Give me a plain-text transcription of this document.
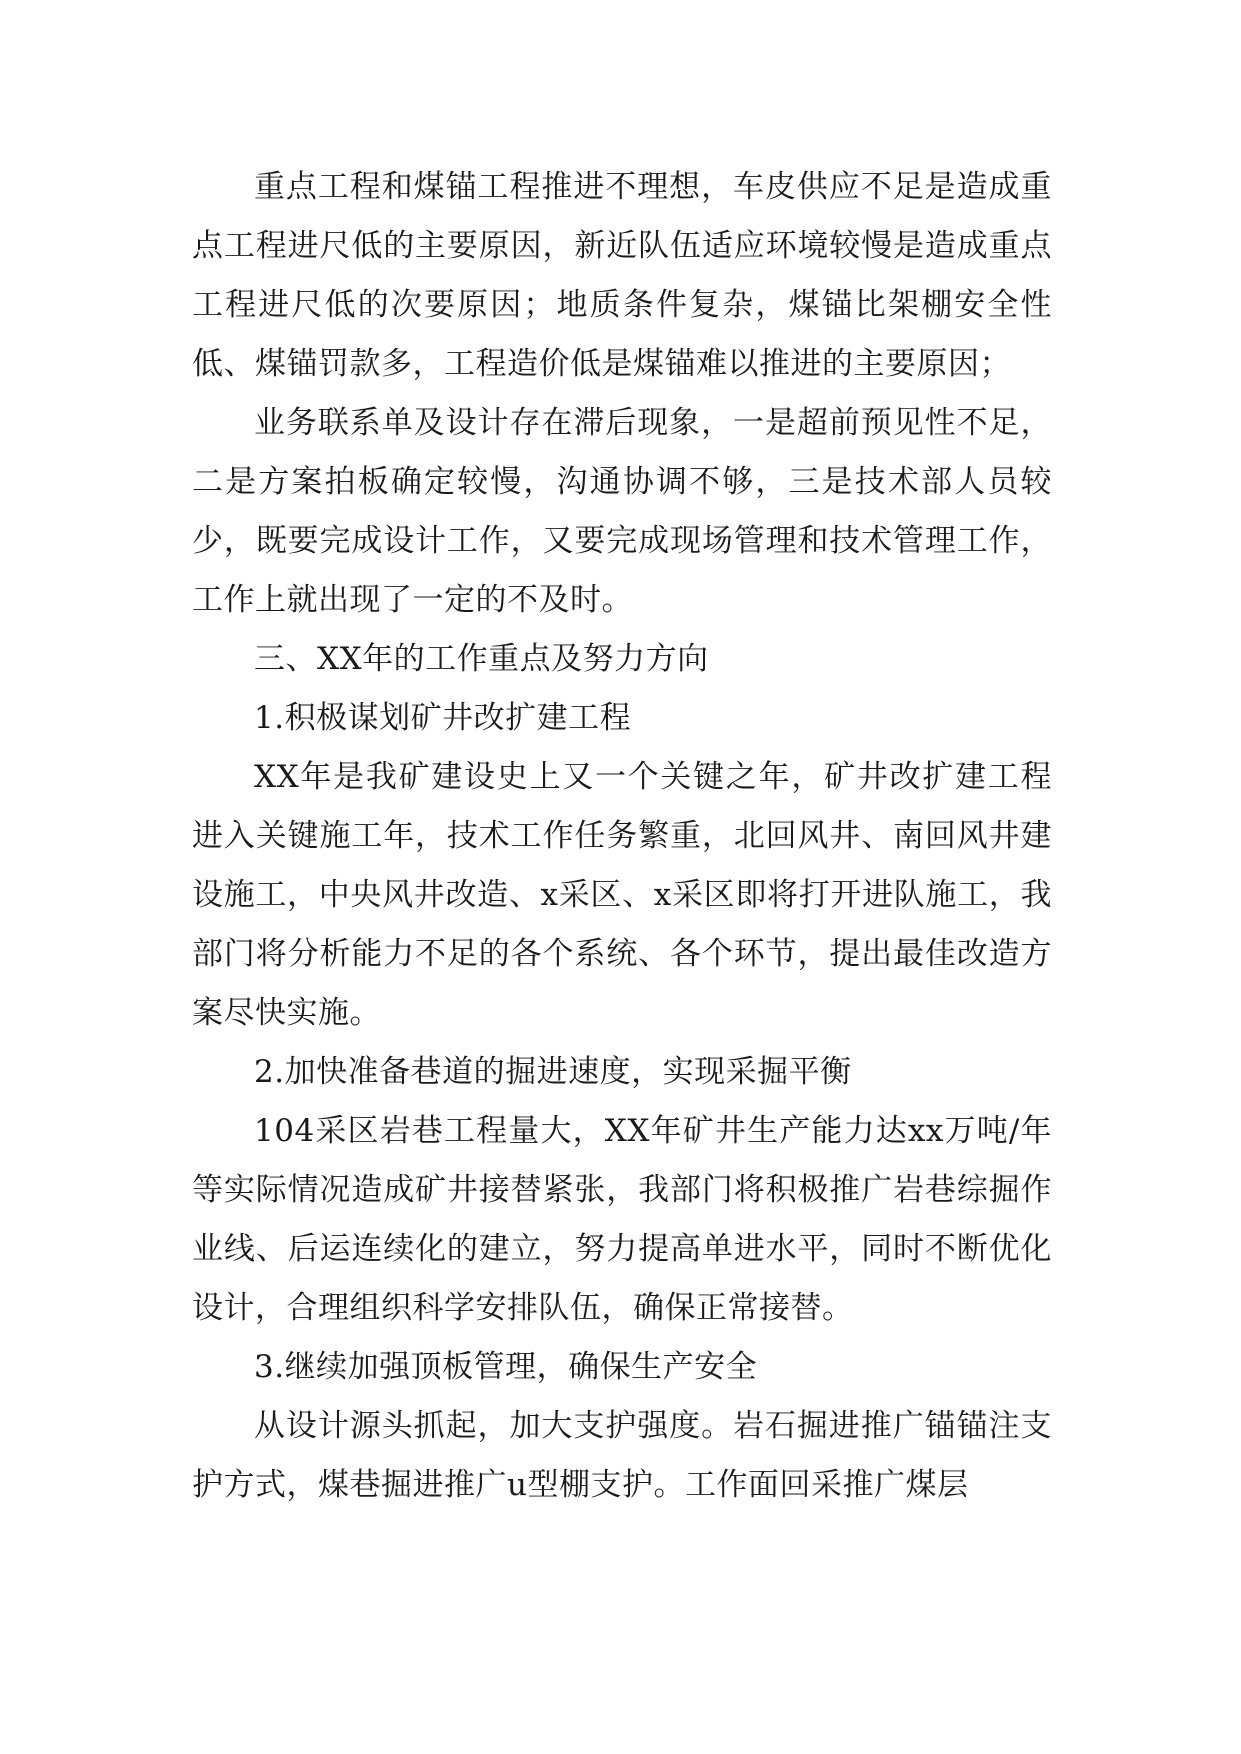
重点工程和煤锚工程推进不理想，车皮供应不足是造成重点工程进尺低的主要原因，新近队伍适应环境较慢是造成重点工程进尺低的次要原因；地质条件复杂，煤锚比架棚安全性低、煤锚罚款多，工程造价低是煤锚难以推进的主要原因；

业务联系单及设计存在滞后现象，一是超前预见性不足，二是方案拍板确定较慢，沟通协调不够，三是技术部人员较少，既要完成设计工作，又要完成现场管理和技术管理工作，工作上就出现了一定的不及时。

三、XX年的工作重点及努力方向

1.积极谋划矿井改扩建工程

XX年是我矿建设史上又一个关键之年，矿井改扩建工程进入关键施工年，技术工作任务繁重，北回风井、南回风井建设施工，中央风井改造、x采区、x采区即将打开进队施工，我部门将分析能力不足的各个系统、各个环节，提出最佳改造方案尽快实施。

2.加快准备巷道的掘进速度，实现采掘平衡

104采区岩巷工程量大，XX年矿井生产能力达xx万吨/年等实际情况造成矿井接替紧张，我部门将积极推广岩巷综掘作业线、后运连续化的建立，努力提高单进水平，同时不断优化设计，合理组织科学安排队伍，确保正常接替。

3.继续加强顶板管理，确保生产安全

从设计源头抓起，加大支护强度。岩石掘进推广锚锚注支护方式，煤巷掘进推广u型棚支护。工作面回采推广煤层
